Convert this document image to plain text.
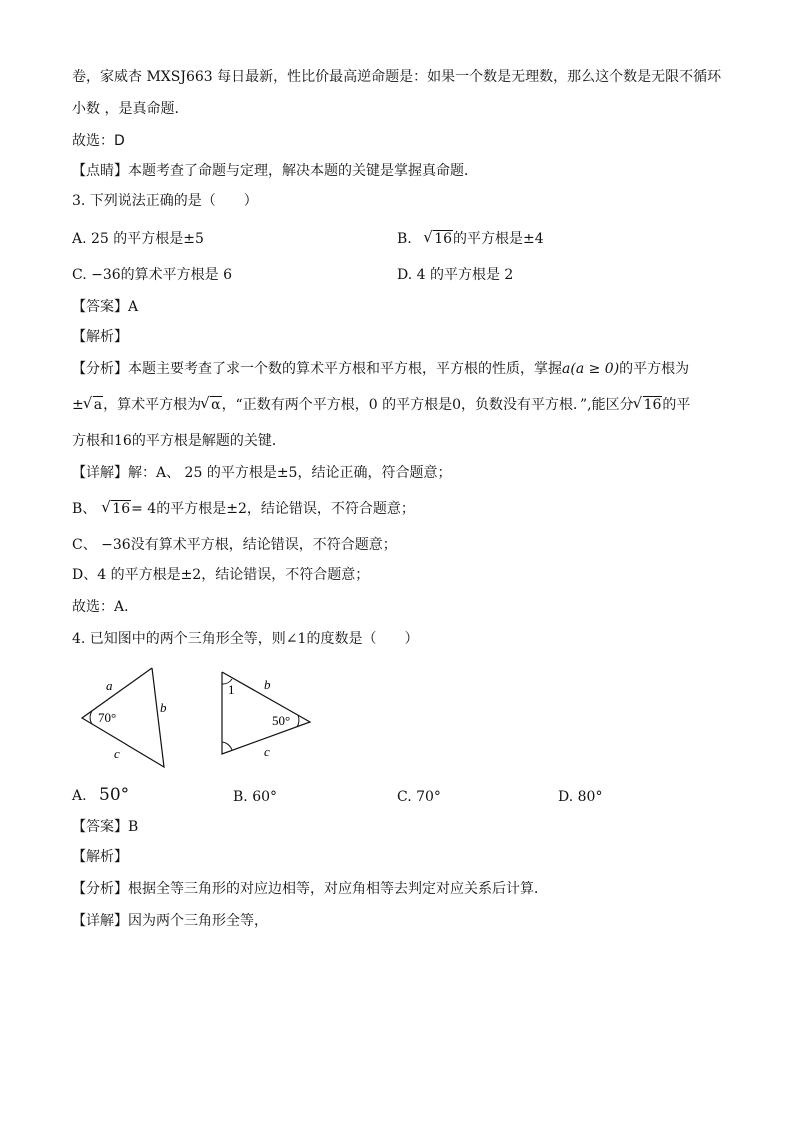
卷，家威杏 MXSJ663 每日最新，性比价最高逆命题是：如果一个数是无理数，那么这个数是无限不循环
小数 ，是真命题.
故选：D
【点睛】本题考查了命题与定理，解决本题的关键是掌握真命题．
3. 下列说法正确的是（　　）
A. 25 的平方根是±5	B. √ 16的平方根是±4
C. −36的算术平方根是 6	D. 4 的平方根是 2
【答案】A
【解析】
【分析】本题主要考查了求一个数的算术平方根和平方根，平方根的性质，掌握a(a ≥ 0)的平方根为
± √ a，算术平方根为 √ α，“正数有两个平方根，0 的平方根是0，负数没有平方根．”,能区分 √ 16的平
方根和16的平方根是解题的关键．
【详解】解：A、 25 的平方根是±5，结论正确，符合题意；
B、 √ 16= 4的平方根是±2，结论错误，不符合题意；
C、 −36没有算术平方根，结论错误，不符合题意；
D、4 的平方根是±2，结论错误，不符合题意；
故选：A．
4. 已知图中的两个三角形全等，则∠1的度数是（　　）
a
b
c
70°
1 b
c
50°
A. 50°	B. 60°	C. 70°	D. 80°
【答案】B
【解析】
【分析】根据全等三角形的对应边相等，对应角相等去判定对应关系后计算．
【详解】因为两个三角形全等，
